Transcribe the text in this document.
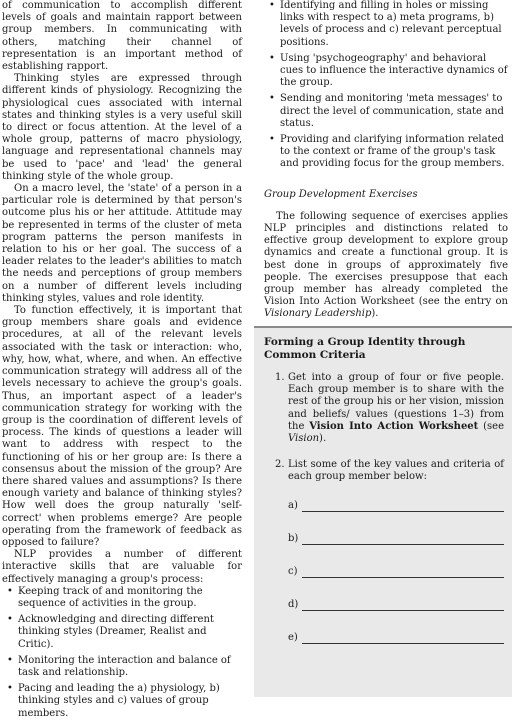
of communication to accomplish different levels of goals and maintain rapport between group members. In communicating with others, matching their channel of representation is an important method of establishing rapport.

Thinking styles are expressed through different kinds of physiology. Recognizing the physiological cues associated with internal states and thinking styles is a very useful skill to direct or focus attention. At the level of a whole group, patterns of macro physiology, language and representational channels may be used to 'pace' and 'lead' the general thinking style of the whole group.

On a macro level, the 'state' of a person in a particular role is determined by that person's outcome plus his or her attitude. Attitude may be represented in terms of the cluster of meta program patterns the person manifests in relation to his or her goal. The success of a leader relates to the leader's abilities to match the needs and perceptions of group members on a number of different levels including thinking styles, values and role identity.

To function effectively, it is important that group members share goals and evidence procedures, at all of the relevant levels associated with the task or interaction: who, why, how, what, where, and when. An effective communication strategy will address all of the levels necessary to achieve the group's goals. Thus, an important aspect of a leader's communication strategy for working with the group is the coordination of different levels of process. The kinds of questions a leader will want to address with respect to the functioning of his or her group are: Is there a consensus about the mission of the group? Are there shared values and assumptions? Is there enough variety and balance of thinking styles? How well does the group naturally 'self-correct' when problems emerge? Are people operating from the framework of feedback as opposed to failure?

NLP provides a number of different interactive skills that are valuable for effectively managing a group's process:

• Keeping track of and monitoring the sequence of activities in the group.
• Acknowledging and directing different thinking styles (Dreamer, Realist and Critic).
• Monitoring the interaction and balance of task and relationship.
• Pacing and leading the a) physiology, b) thinking styles and c) values of group members.
• Identifying and filling in holes or missing links with respect to a) meta programs, b) levels of process and c) relevant perceptual positions.
• Using 'psychogeography' and behavioral cues to influence the interactive dynamics of the group.
• Sending and monitoring 'meta messages' to direct the level of communication, state and status.
• Providing and clarifying information related to the context or frame of the group's task and providing focus for the group members.
Group Development Exercises

The following sequence of exercises applies NLP principles and distinctions related to effective group development to explore group dynamics and create a functional group. It is best done in groups of approximately five people. The exercises presuppose that each group member has already completed the Vision Into Action Worksheet (see the entry on Visionary Leadership).

Forming a Group Identity through Common Criteria
1. Get into a group of four or five people. Each group member is to share with the rest of the group his or her vision, mission and beliefs/ values (questions 1–3) from the Vision Into Action Worksheet (see Vision).
2. List some of the key values and criteria of each group member below:
a)
b)
c)
d)
e)
